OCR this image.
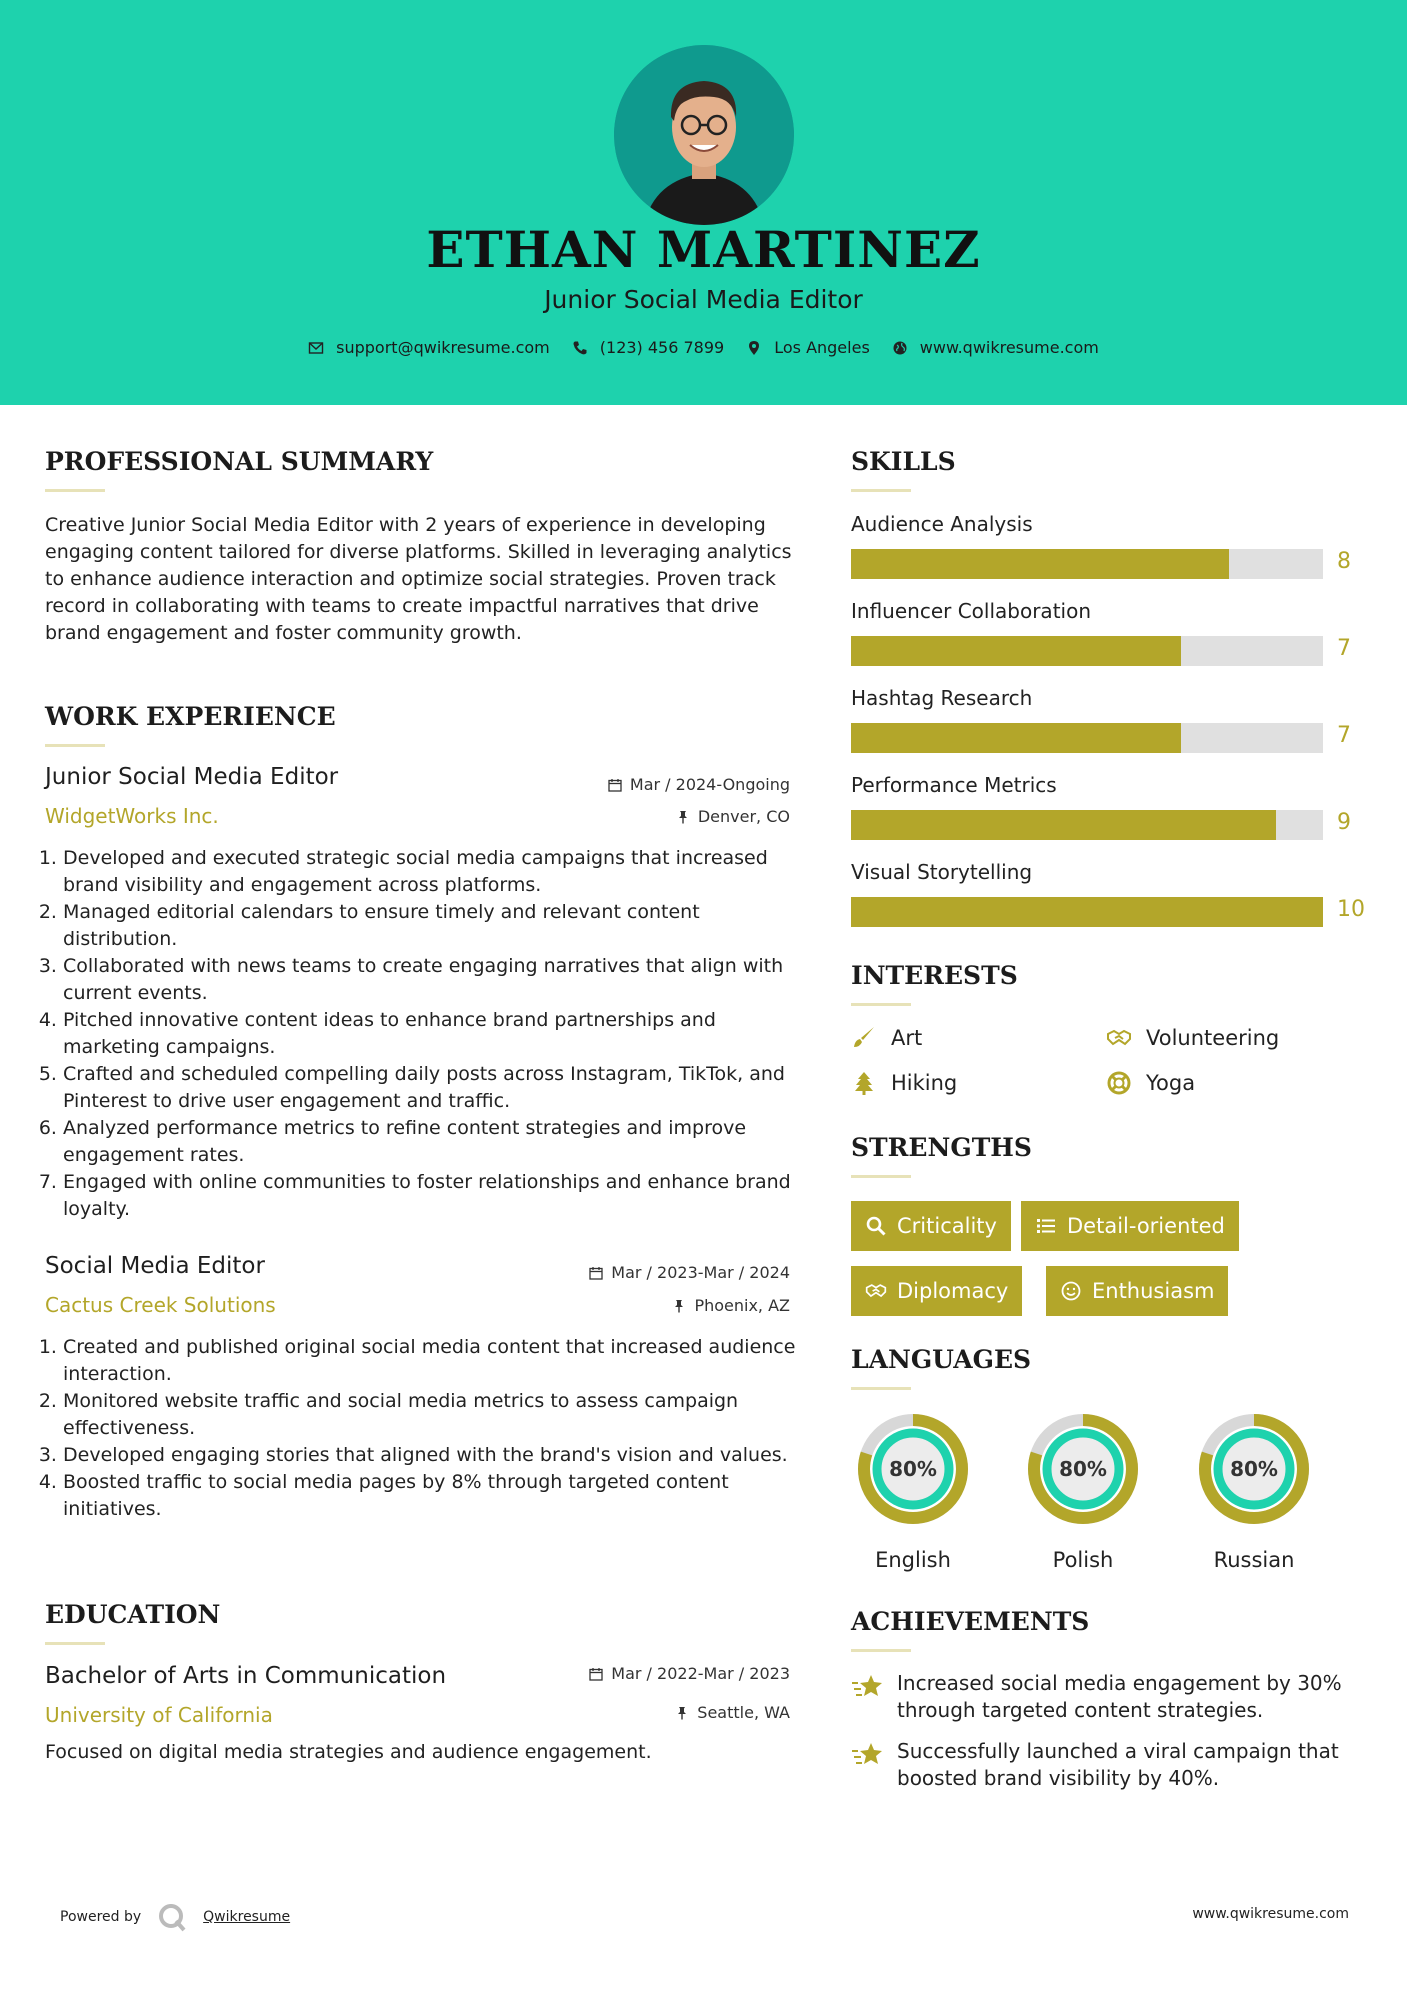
ETHAN MARTINEZ
Junior Social Media Editor
support@qwikresume.com	(123) 456 7899	Los Angeles	www.qwikresume.com
PROFESSIONAL SUMMARY
Creative Junior Social Media Editor with 2 years of experience in developing engaging content tailored for diverse platforms. Skilled in leveraging analytics to enhance audience interaction and optimize social strategies. Proven track record in collaborating with teams to create impactful narratives that drive brand engagement and foster community growth.
WORK EXPERIENCE
Junior Social Media Editor
WidgetWorks Inc.
Mar / 2024-Ongoing
Denver, CO
1. Developed and executed strategic social media campaigns that increased brand visibility and engagement across platforms.
2. Managed editorial calendars to ensure timely and relevant content distribution.
3. Collaborated with news teams to create engaging narratives that align with current events.
4. Pitched innovative content ideas to enhance brand partnerships and marketing campaigns.
5. Crafted and scheduled compelling daily posts across Instagram, TikTok, and Pinterest to drive user engagement and traffic.
6. Analyzed performance metrics to refine content strategies and improve engagement rates.
7. Engaged with online communities to foster relationships and enhance brand loyalty.
Social Media Editor
Cactus Creek Solutions
Mar / 2023-Mar / 2024
Phoenix, AZ
1. Created and published original social media content that increased audience interaction.
2. Monitored website traffic and social media metrics to assess campaign effectiveness.
3. Developed engaging stories that aligned with the brand's vision and values.
4. Boosted traffic to social media pages by 8% through targeted content initiatives.
EDUCATION
Bachelor of Arts in Communication
University of California
Mar / 2022-Mar / 2023
Seattle, WA
Focused on digital media strategies and audience engagement.
SKILLS
Audience Analysis
8
Influencer Collaboration
7
Hashtag Research
7
Performance Metrics
9
Visual Storytelling
10
INTERESTS
Art	Volunteering
Hiking	Yoga
STRENGTHS
Criticality	Detail-oriented
Diplomacy	Enthusiasm
LANGUAGES
80%
English
80%
Polish
80%
Russian
ACHIEVEMENTS
Increased social media engagement by 30% through targeted content strategies.
Successfully launched a viral campaign that boosted brand visibility by 40%.
Powered by	Qwikresume	www.qwikresume.com
